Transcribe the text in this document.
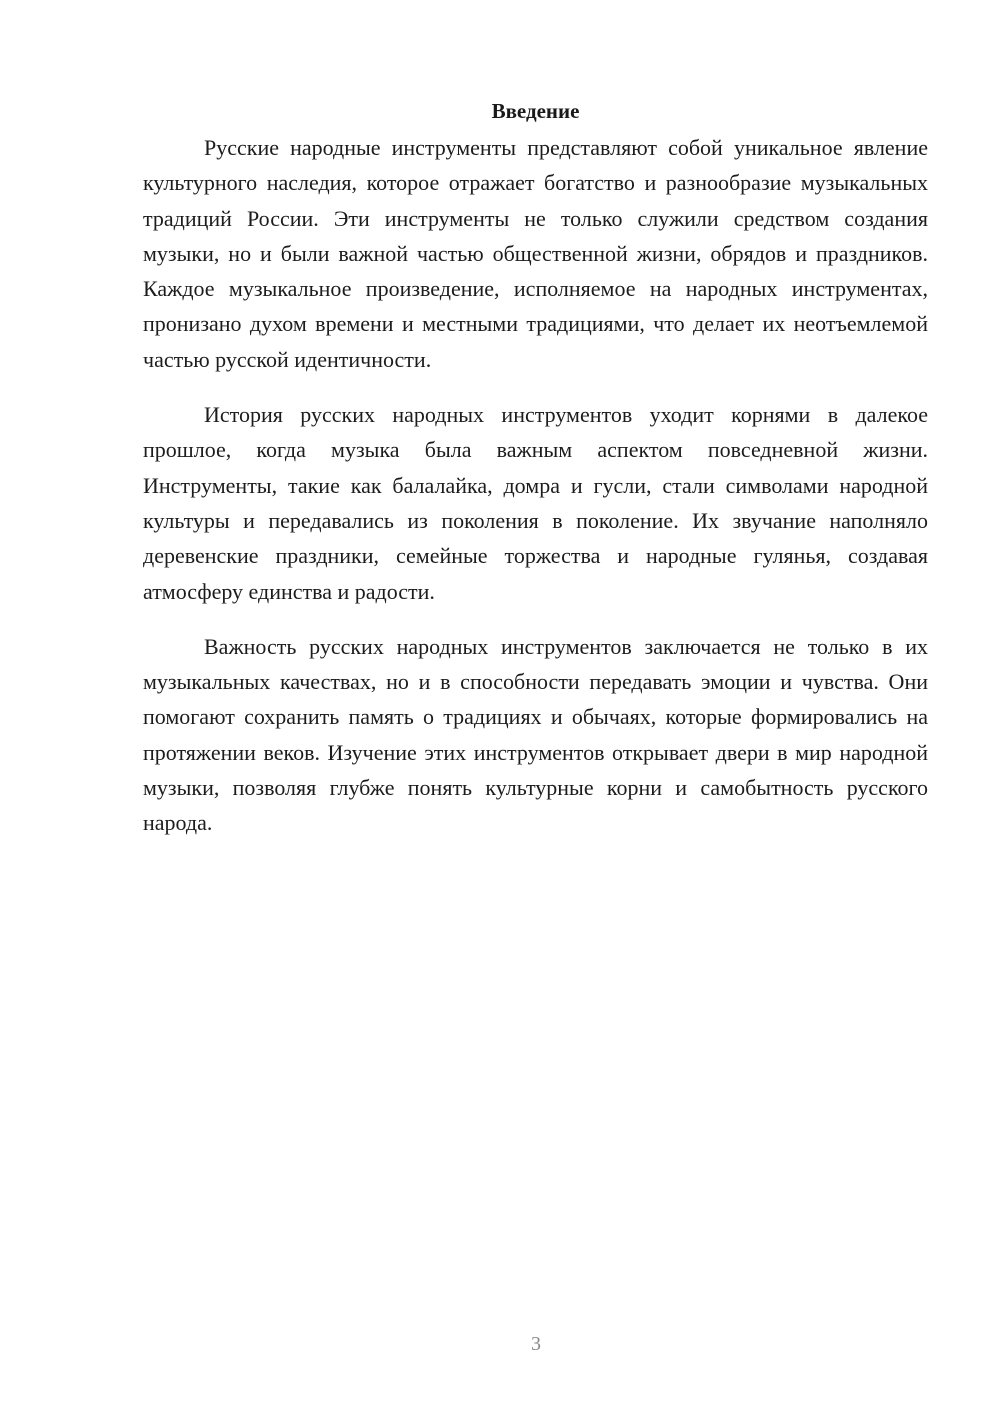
Введение

Русские народные инструменты представляют собой уникальное явление культурного наследия, которое отражает богатство и разнообразие музыкальных традиций России. Эти инструменты не только служили средством создания музыки, но и были важной частью общественной жизни, обрядов и праздников. Каждое музыкальное произведение, исполняемое на народных инструментах, пронизано духом времени и местными традициями, что делает их неотъемлемой частью русской идентичности.

История русских народных инструментов уходит корнями в далекое прошлое, когда музыка была важным аспектом повседневной жизни. Инструменты, такие как балалайка, домра и гусли, стали символами народной культуры и передавались из поколения в поколение. Их звучание наполняло деревенские праздники, семейные торжества и народные гулянья, создавая атмосферу единства и радости.

Важность русских народных инструментов заключается не только в их музыкальных качествах, но и в способности передавать эмоции и чувства. Они помогают сохранить память о традициях и обычаях, которые формировались на протяжении веков. Изучение этих инструментов открывает двери в мир народной музыки, позволяя глубже понять культурные корни и самобытность русского народа.

3
